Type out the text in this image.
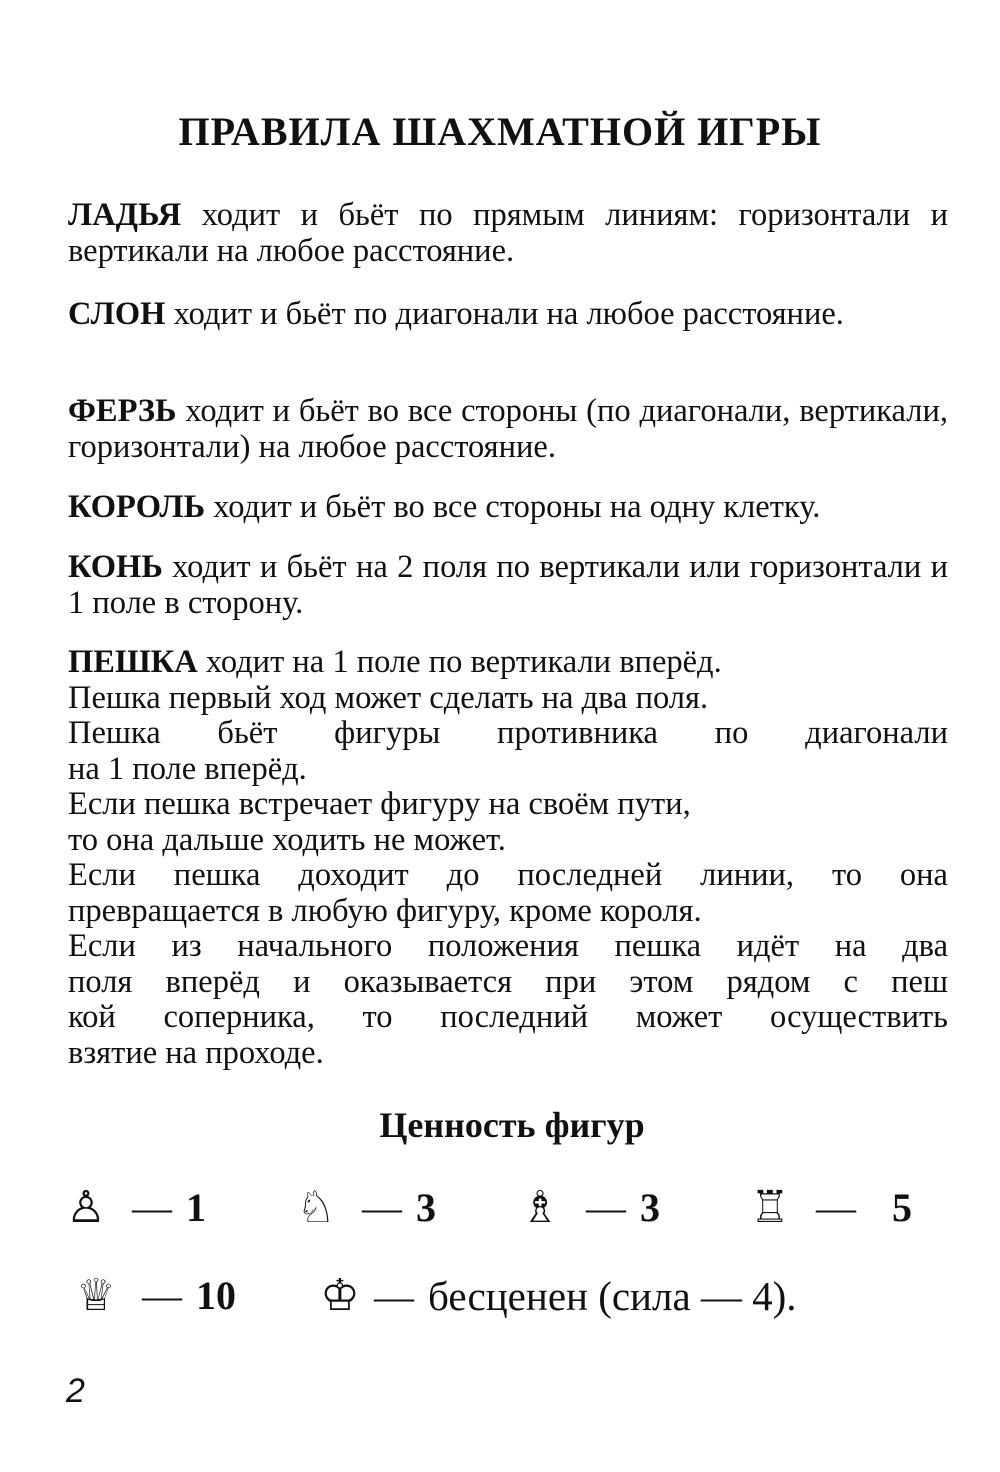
ПРАВИЛА ШАХМАТНОЙ ИГРЫ

ЛАДЬЯ ходит и бьёт по прямым линиям: горизонтали и вертикали на любое расстояние.

СЛОН ходит и бьёт по диагонали на любое расстояние.

ФЕРЗЬ ходит и бьёт во все стороны (по диагонали, вертикали, горизонтали) на любое расстояние.

КОРОЛЬ ходит и бьёт во все стороны на одну клетку.

КОНЬ ходит и бьёт на 2 поля по вертикали или горизонтали и 1 поле в сторону.

ПЕШКА ходит на 1 поле по вертикали вперёд.
Пешка первый ход может сделать на два поля.
Пешка бьёт фигуры противника по диагонали
на 1 поле вперёд.
Если пешка встречает фигуру на своём пути,
то она дальше ходить не может.
Если пешка доходит до последней линии, то она
превращается в любую фигуру, кроме короля.
Если из начального положения пешка идёт на два
поля вперёд и оказывается при этом рядом с пеш
кой соперника, то последний может осуществить
взятие на проходе.
Ценность фигур
♙ — 1 ♘ — 3 ♗ — 3 ♖ — 5
♕ — 10 ♔ — бесценен (сила — 4).
2
